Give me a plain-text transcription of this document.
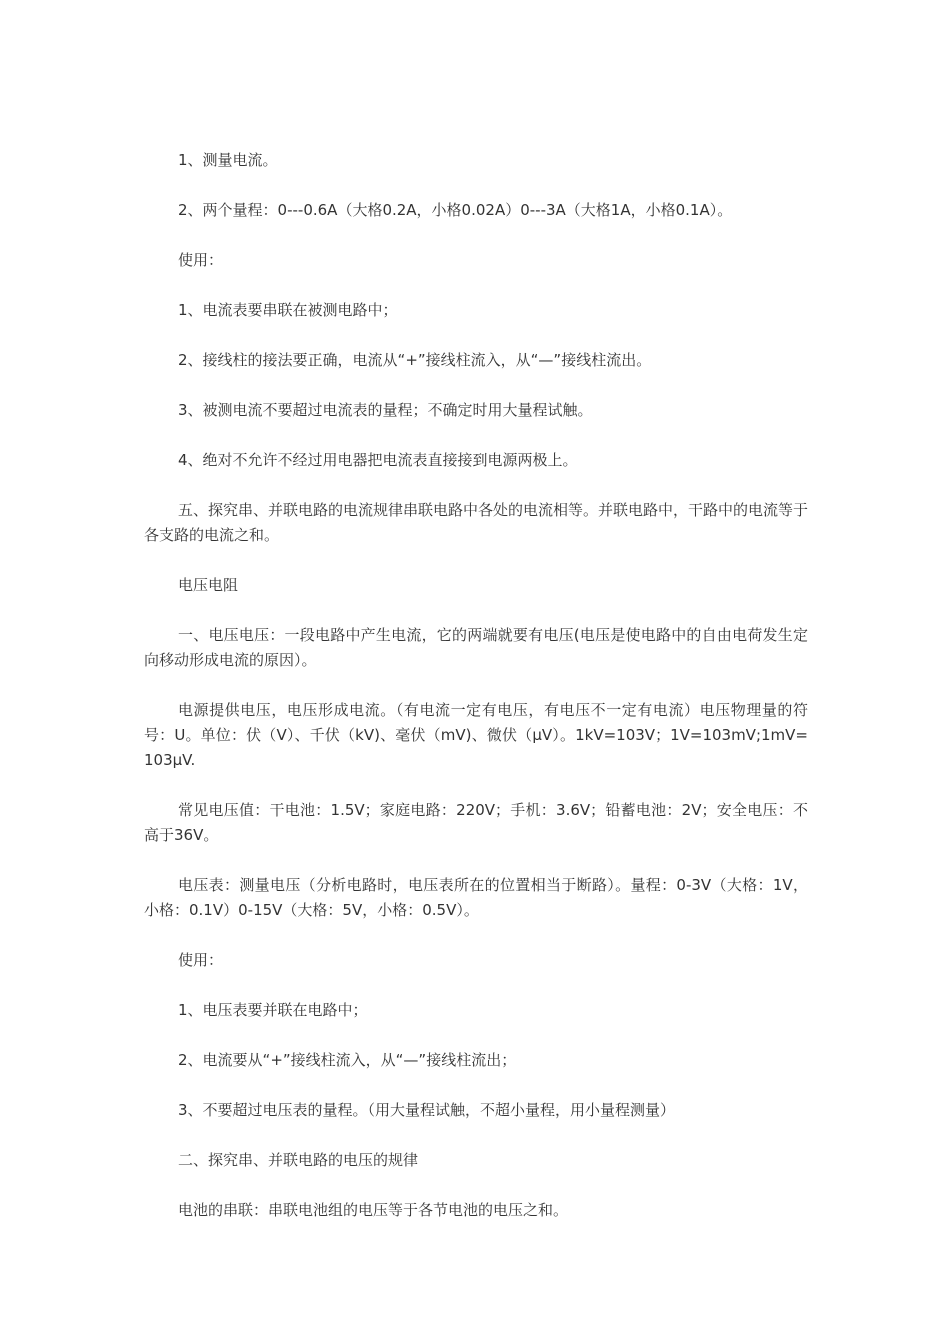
1、测量电流。

2、两个量程：0---0.6A（大格0.2A，小格0.02A）0---3A（大格1A，小格0.1A）。

使用：

1、电流表要串联在被测电路中；

2、接线柱的接法要正确，电流从“+”接线柱流入，从“—”接线柱流出。

3、被测电流不要超过电流表的量程；不确定时用大量程试触。

4、绝对不允许不经过用电器把电流表直接接到电源两极上。

五、探究串、并联电路的电流规律串联电路中各处的电流相等。并联电路中，干路中的电流等于各支路的电流之和。

电压电阻

一、电压电压：一段电路中产生电流，它的两端就要有电压(电压是使电路中的自由电荷发生定向移动形成电流的原因）。

电源提供电压，电压形成电流。（有电流一定有电压，有电压不一定有电流）电压物理量的符号：U。单位：伏（V）、千伏（kV)、毫伏（mV)、微伏（μV）。1kV=103V；1V=103mV;1mV=103μV.

常见电压值：干电池：1.5V；家庭电路：220V；手机：3.6V；铅蓄电池：2V；安全电压：不高于36V。

电压表：测量电压（分析电路时，电压表所在的位置相当于断路）。量程：0-3V（大格：1V，小格：0.1V）0-15V（大格：5V，小格：0.5V）。

使用：

1、电压表要并联在电路中；

2、电流要从“+”接线柱流入，从“—”接线柱流出；

3、不要超过电压表的量程。（用大量程试触，不超小量程，用小量程测量）

二、探究串、并联电路的电压的规律

电池的串联：串联电池组的电压等于各节电池的电压之和。
